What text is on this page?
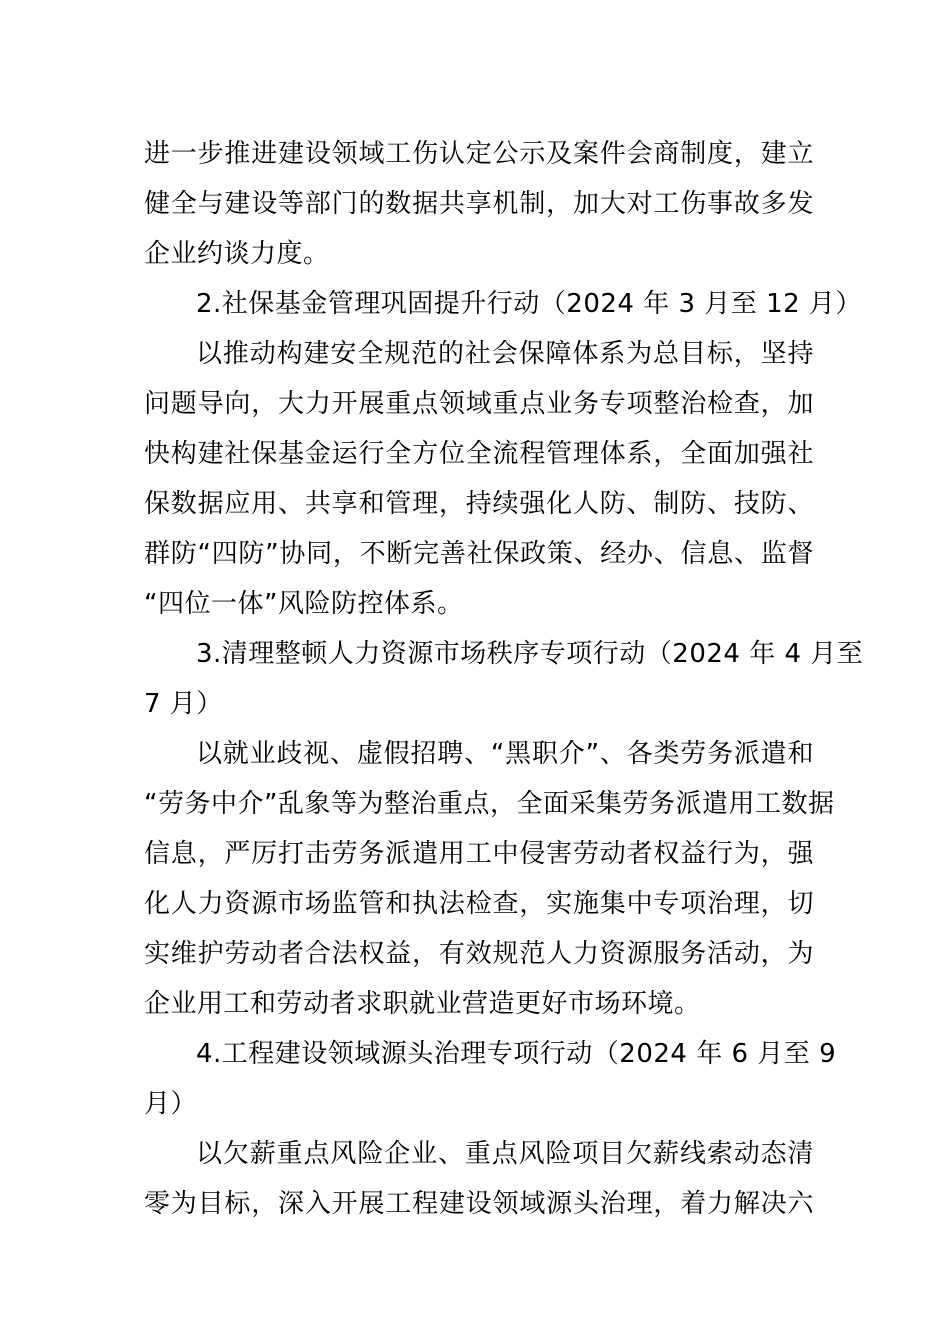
进一步推进建设领域工伤认定公示及案件会商制度，建立
健全与建设等部门的数据共享机制，加大对工伤事故多发
企业约谈力度。
2.社保基金管理巩固提升行动（2024 年 3 月至 12 月）
以推动构建安全规范的社会保障体系为总目标，坚持
问题导向，大力开展重点领域重点业务专项整治检查，加
快构建社保基金运行全方位全流程管理体系，全面加强社
保数据应用、共享和管理，持续强化人防、制防、技防、
群防“四防”协同，不断完善社保政策、经办、信息、监督
“四位一体”风险防控体系。
3.清理整顿人力资源市场秩序专项行动（2024 年 4 月至
7 月）
以就业歧视、虚假招聘、“黑职介”、各类劳务派遣和
“劳务中介”乱象等为整治重点，全面采集劳务派遣用工数据
信息，严厉打击劳务派遣用工中侵害劳动者权益行为，强
化人力资源市场监管和执法检查，实施集中专项治理，切
实维护劳动者合法权益，有效规范人力资源服务活动，为
企业用工和劳动者求职就业营造更好市场环境。
4.工程建设领域源头治理专项行动（2024 年 6 月至 9
月）
以欠薪重点风险企业、重点风险项目欠薪线索动态清
零为目标，深入开展工程建设领域源头治理，着力解决六
